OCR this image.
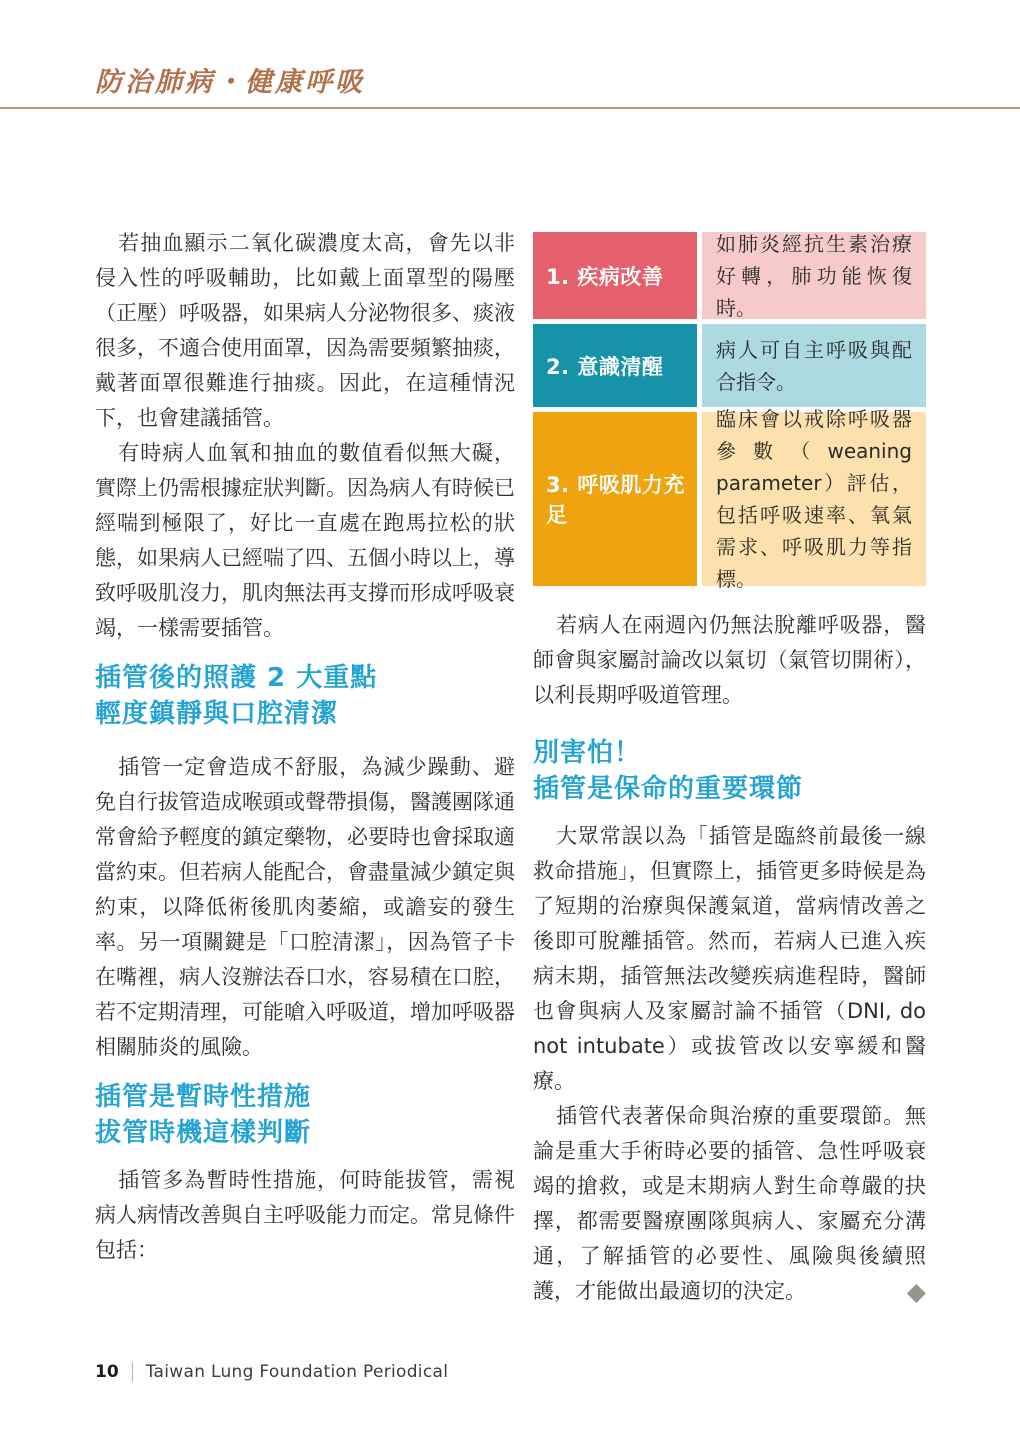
防治肺病・健康呼吸

若抽血顯示二氧化碳濃度太高，會先以非侵入性的呼吸輔助，比如戴上面罩型的陽壓（正壓）呼吸器，如果病人分泌物很多、痰液很多，不適合使用面罩，因為需要頻繁抽痰，戴著面罩很難進行抽痰。因此，在這種情況下，也會建議插管。

有時病人血氧和抽血的數值看似無大礙，實際上仍需根據症狀判斷。因為病人有時候已經喘到極限了，好比一直處在跑馬拉松的狀態，如果病人已經喘了四、五個小時以上，導致呼吸肌沒力，肌肉無法再支撐而形成呼吸衰竭，一樣需要插管。

插管後的照護 2 大重點
輕度鎮靜與口腔清潔

插管一定會造成不舒服，為減少躁動、避免自行拔管造成喉頭或聲帶損傷，醫護團隊通常會給予輕度的鎮定藥物，必要時也會採取適當約束。但若病人能配合，會盡量減少鎮定與約束，以降低術後肌肉萎縮，或譫妄的發生率。另一項關鍵是「口腔清潔」，因為管子卡在嘴裡，病人沒辦法吞口水，容易積在口腔，若不定期清理，可能嗆入呼吸道，增加呼吸器相關肺炎的風險。

插管是暫時性措施
拔管時機這樣判斷

插管多為暫時性措施，何時能拔管，需視病人病情改善與自主呼吸能力而定。常見條件包括：

1. 疾病改善
如肺炎經抗生素治療好轉，肺功能恢復時。
2. 意識清醒
病人可自主呼吸與配合指令。
3. 呼吸肌力充足
臨床會以戒除呼吸器參數（weaning parameter）評估，包括呼吸速率、氧氣需求、呼吸肌力等指標。

若病人在兩週內仍無法脫離呼吸器，醫師會與家屬討論改以氣切（氣管切開術），以利長期呼吸道管理。

別害怕！
插管是保命的重要環節

大眾常誤以為「插管是臨終前最後一線救命措施」，但實際上，插管更多時候是為了短期的治療與保護氣道，當病情改善之後即可脫離插管。然而，若病人已進入疾病末期，插管無法改變疾病進程時，醫師也會與病人及家屬討論不插管（DNI, do not intubate）或拔管改以安寧緩和醫療。

插管代表著保命與治療的重要環節。無論是重大手術時必要的插管、急性呼吸衰竭的搶救，或是末期病人對生命尊嚴的抉擇，都需要醫療團隊與病人、家屬充分溝通，了解插管的必要性、風險與後續照護，才能做出最適切的決定。	◆
10 Taiwan Lung Foundation Periodical
